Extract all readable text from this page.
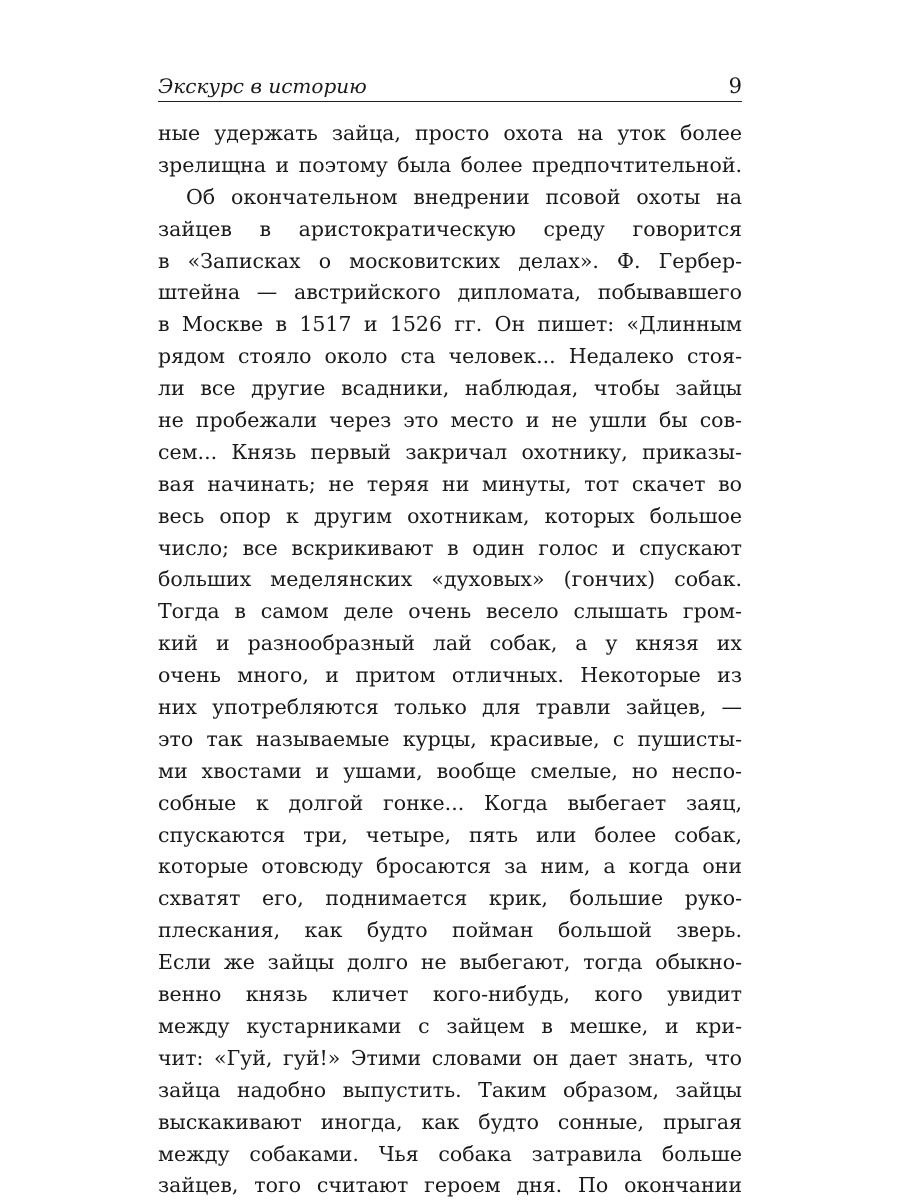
Экскурс в историю	9
ные удержать зайца, просто охота на уток более
зрелищна и поэтому была более предпочтительной.
Об окончательном внедрении псовой охоты на
зайцев в аристократическую среду говорится
в «Записках о московитских делах». Ф. Гербер-
штейна — австрийского дипломата, побывавшего
в Москве в 1517 и 1526 гг. Он пишет: «Длинным
рядом стояло около ста человек... Недалеко стоя-
ли все другие всадники, наблюдая, чтобы зайцы
не пробежали через это место и не ушли бы сов-
сем... Князь первый закричал охотнику, приказы-
вая начинать; не теряя ни минуты, тот скачет во
весь опор к другим охотникам, которых большое
число; все вскрикивают в один голос и спускают
больших меделянских «духовых» (гончих) собак.
Тогда в самом деле очень весело слышать гром-
кий и разнообразный лай собак, а у князя их
очень много, и притом отличных. Некоторые из
них употребляются только для травли зайцев, —
это так называемые курцы, красивые, с пушисты-
ми хвостами и ушами, вообще смелые, но неспо-
собные к долгой гонке... Когда выбегает заяц,
спускаются три, четыре, пять или более собак,
которые отовсюду бросаются за ним, а когда они
схватят его, поднимается крик, большие руко-
плескания, как будто пойман большой зверь.
Если же зайцы долго не выбегают, тогда обыкно-
венно князь кличет кого-нибудь, кого увидит
между кустарниками с зайцем в мешке, и кри-
чит: «Гуй, гуй!» Этими словами он дает знать, что
зайца надобно выпустить. Таким образом, зайцы
выскакивают иногда, как будто сонные, прыгая
между собаками. Чья собака затравила больше
зайцев, того считают героем дня. По окончании
